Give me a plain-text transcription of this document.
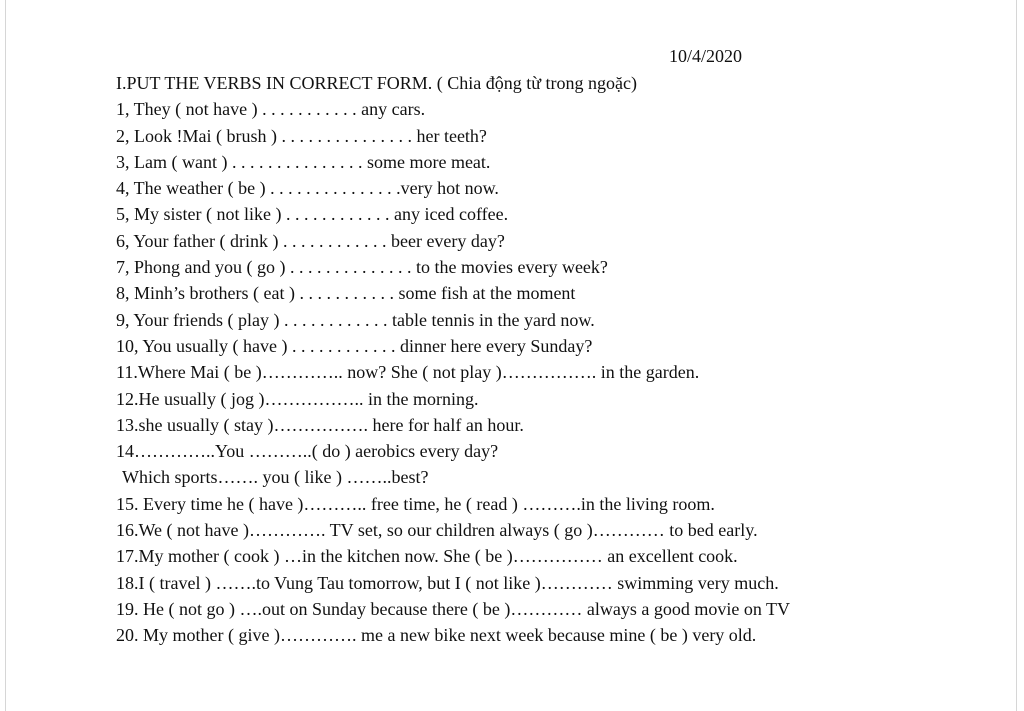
10/4/2020

I.PUT THE VERBS IN CORRECT FORM. ( Chia động từ trong ngoặc)

1, They ( not have ) . . . . . . . . . . . any cars.

2, Look !Mai ( brush ) . . . . . . . . . . . . . . . her teeth?

3, Lam ( want ) . . . . . . . . . . . . . . . some more meat.

4, The weather ( be ) . . . . . . . . . . . . . . .very hot now.

5, My sister ( not like ) . . . . . . . . . . . . any iced coffee.

6, Your father ( drink ) . . . . . . . . . . . . beer every day?

7, Phong and you ( go ) . . . . . . . . . . . . . . to the movies every week?

8, Minh’s brothers ( eat ) . . . . . . . . . . . some fish at the moment

9, Your friends ( play ) . . . . . . . . . . . . table tennis in the yard now.

10, You usually ( have ) . . . . . . . . . . . . dinner here every Sunday?

11.Where Mai ( be )………….. now? She ( not play )……………. in the garden.

12.He usually ( jog )…………….. in the morning.

13.she usually ( stay )……………. here for half an hour.

14…………..You ………..( do ) aerobics every day?

Which sports……. you ( like ) ……..best?

15. Every time he ( have )……….. free time, he ( read ) ……….in the living room.

16.We ( not have )…………. TV set, so our children always ( go )………… to bed early.

17.My mother ( cook ) …in the kitchen now. She ( be )…………… an excellent cook.

18.I ( travel ) …….to Vung Tau tomorrow, but I ( not like )………… swimming very much.

19. He ( not go ) ….out on Sunday because there ( be )………… always a good movie on TV

20. My mother ( give )…………. me a new bike next week because mine ( be ) very old.
